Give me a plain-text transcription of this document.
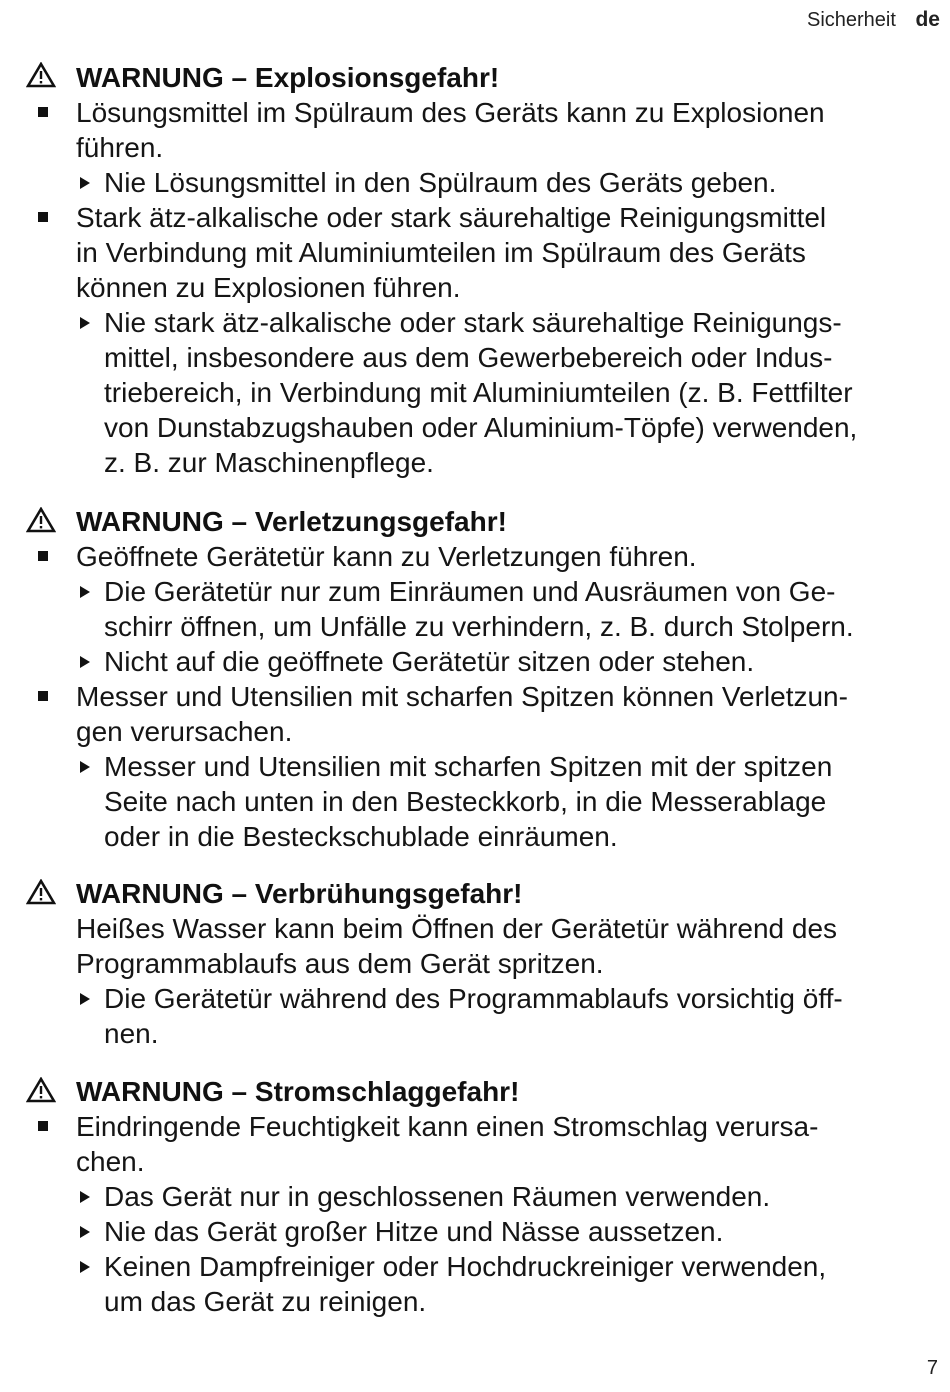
Sicherheit de
WARNUNG – Explosionsgefahr!
Lösungsmittel im Spülraum des Geräts kann zu Explosionen
führen.
Nie Lösungsmittel in den Spülraum des Geräts geben.
Stark ätz-alkalische oder stark säurehaltige Reinigungsmittel
in Verbindung mit Aluminiumteilen im Spülraum des Geräts
können zu Explosionen führen.
Nie stark ätz-alkalische oder stark säurehaltige Reinigungs-
mittel, insbesondere aus dem Gewerbebereich oder Indus-
triebereich, in Verbindung mit Aluminiumteilen (z. B. Fettfilter
von Dunstabzugshauben oder Aluminium-Töpfe) verwenden,
z. B. zur Maschinenpflege.
WARNUNG – Verletzungsgefahr!
Geöffnete Gerätetür kann zu Verletzungen führen.
Die Gerätetür nur zum Einräumen und Ausräumen von Ge-
schirr öffnen, um Unfälle zu verhindern, z. B. durch Stolpern.
Nicht auf die geöffnete Gerätetür sitzen oder stehen.
Messer und Utensilien mit scharfen Spitzen können Verletzun-
gen verursachen.
Messer und Utensilien mit scharfen Spitzen mit der spitzen
Seite nach unten in den Besteckkorb, in die Messerablage
oder in die Besteckschublade einräumen.
WARNUNG – Verbrühungsgefahr!
Heißes Wasser kann beim Öffnen der Gerätetür während des
Programmablaufs aus dem Gerät spritzen.
Die Gerätetür während des Programmablaufs vorsichtig öff-
nen.
WARNUNG – Stromschlaggefahr!
Eindringende Feuchtigkeit kann einen Stromschlag verursa-
chen.
Das Gerät nur in geschlossenen Räumen verwenden.
Nie das Gerät großer Hitze und Nässe aussetzen.
Keinen Dampfreiniger oder Hochdruckreiniger verwenden,
um das Gerät zu reinigen.
7
